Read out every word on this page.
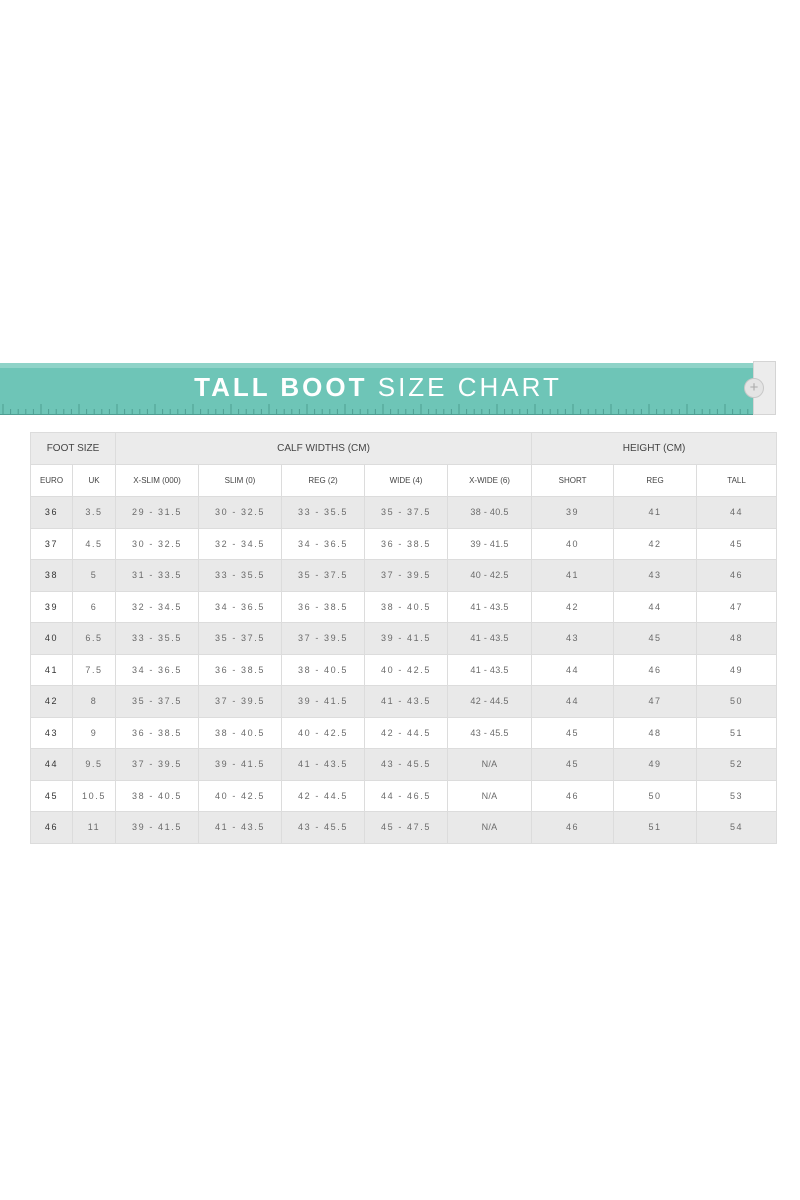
TALL BOOT SIZE CHART	+
FOOT SIZE		CALF WIDTHS (CM)					HEIGHT (CM)		
EURO	UK	X-SLIM (000)	SLIM (0)	REG (2)	WIDE (4)	X-WIDE (6)	SHORT	REG	TALL
36	3.5	29 - 31.5	30 - 32.5	33 - 35.5	35 - 37.5	38 - 40.5	39	41	44
37	4.5	30 - 32.5	32 - 34.5	34 - 36.5	36 - 38.5	39 - 41.5	40	42	45
38	5	31 - 33.5	33 - 35.5	35 - 37.5	37 - 39.5	40 - 42.5	41	43	46
39	6	32 - 34.5	34 - 36.5	36 - 38.5	38 - 40.5	41 - 43.5	42	44	47
40	6.5	33 - 35.5	35 - 37.5	37 - 39.5	39 - 41.5	41 - 43.5	43	45	48
41	7.5	34 - 36.5	36 - 38.5	38 - 40.5	40 - 42.5	41 - 43.5	44	46	49
42	8	35 - 37.5	37 - 39.5	39 - 41.5	41 - 43.5	42 - 44.5	44	47	50
43	9	36 - 38.5	38 - 40.5	40 - 42.5	42 - 44.5	43 - 45.5	45	48	51
44	9.5	37 - 39.5	39 - 41.5	41 - 43.5	43 - 45.5	N/A	45	49	52
45	10.5	38 - 40.5	40 - 42.5	42 - 44.5	44 - 46.5	N/A	46	50	53
46	11	39 - 41.5	41 - 43.5	43 - 45.5	45 - 47.5	N/A	46	51	54
